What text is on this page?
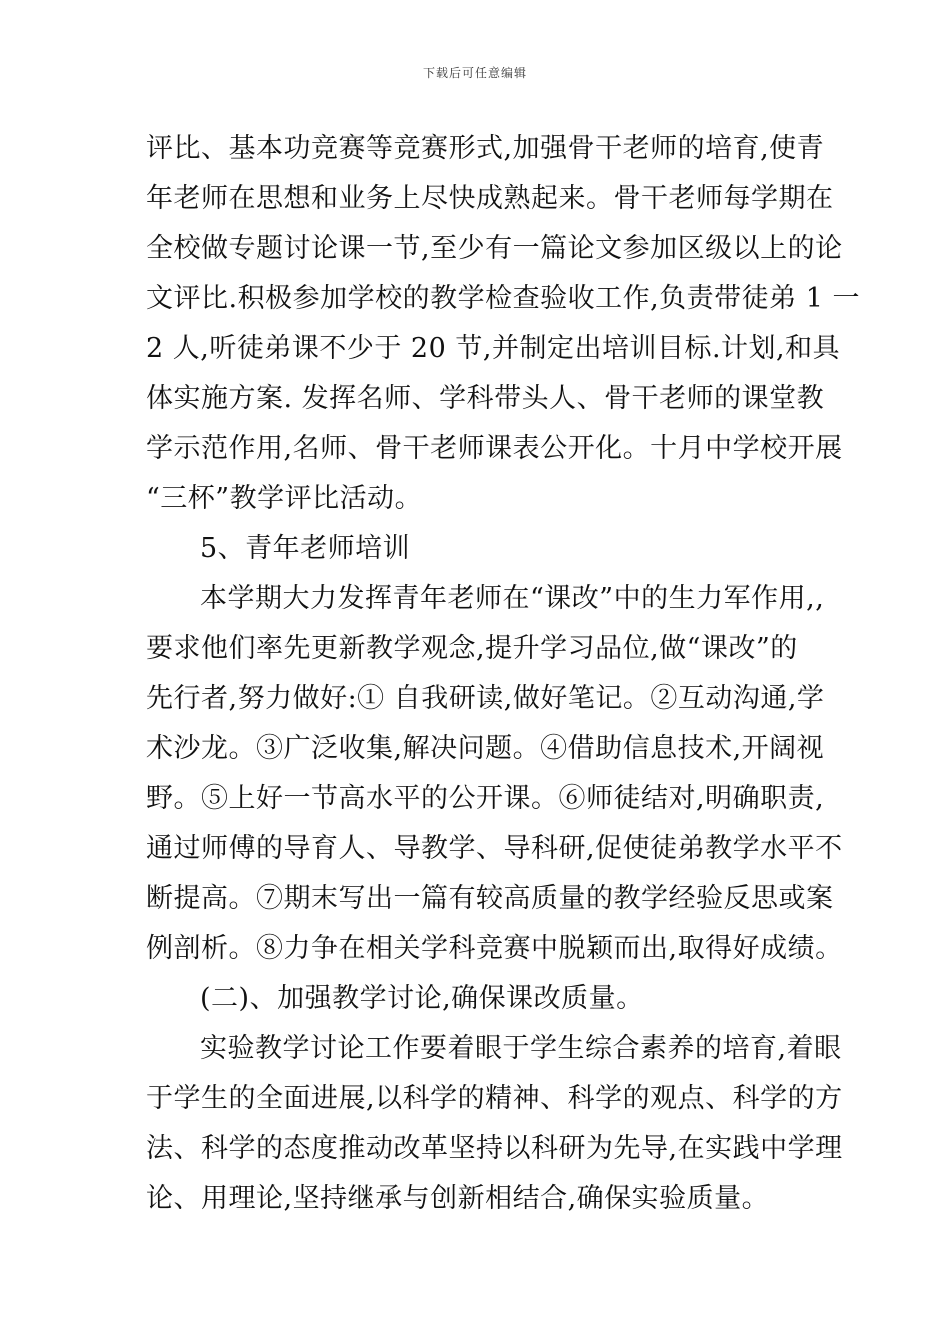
下载后可任意编辑
评比、基本功竞赛等竞赛形式,加强骨干老师的培育,使青
年老师在思想和业务上尽快成熟起来。骨干老师每学期在
全校做专题讨论课一节,至少有一篇论文参加区级以上的论
文评比.积极参加学校的教学检查验收工作,负责带徒弟 1 一
2 人,听徒弟课不少于 20 节,并制定出培训目标.计划,和具
体实施方案. 发挥名师、学科带头人、骨干老师的课堂教
学示范作用,名师、骨干老师课表公开化。十月中学校开展
“三杯”教学评比活动。
5、青年老师培训
本学期大力发挥青年老师在“课改”中的生力军作用,,
要求他们率先更新教学观念,提升学习品位,做“课改”的
先行者,努力做好:① 自我研读,做好笔记。②互动沟通,学
术沙龙。③广泛收集,解决问题。④借助信息技术,开阔视
野。⑤上好一节高水平的公开课。⑥师徒结对,明确职责,
通过师傅的导育人、导教学、导科研,促使徒弟教学水平不
断提高。⑦期末写出一篇有较高质量的教学经验反思或案
例剖析。⑧力争在相关学科竞赛中脱颖而出,取得好成绩。
(二)、加强教学讨论,确保课改质量。
实验教学讨论工作要着眼于学生综合素养的培育,着眼
于学生的全面进展,以科学的精神、科学的观点、科学的方
法、科学的态度推动改革坚持以科研为先导,在实践中学理
论、用理论,坚持继承与创新相结合,确保实验质量。
